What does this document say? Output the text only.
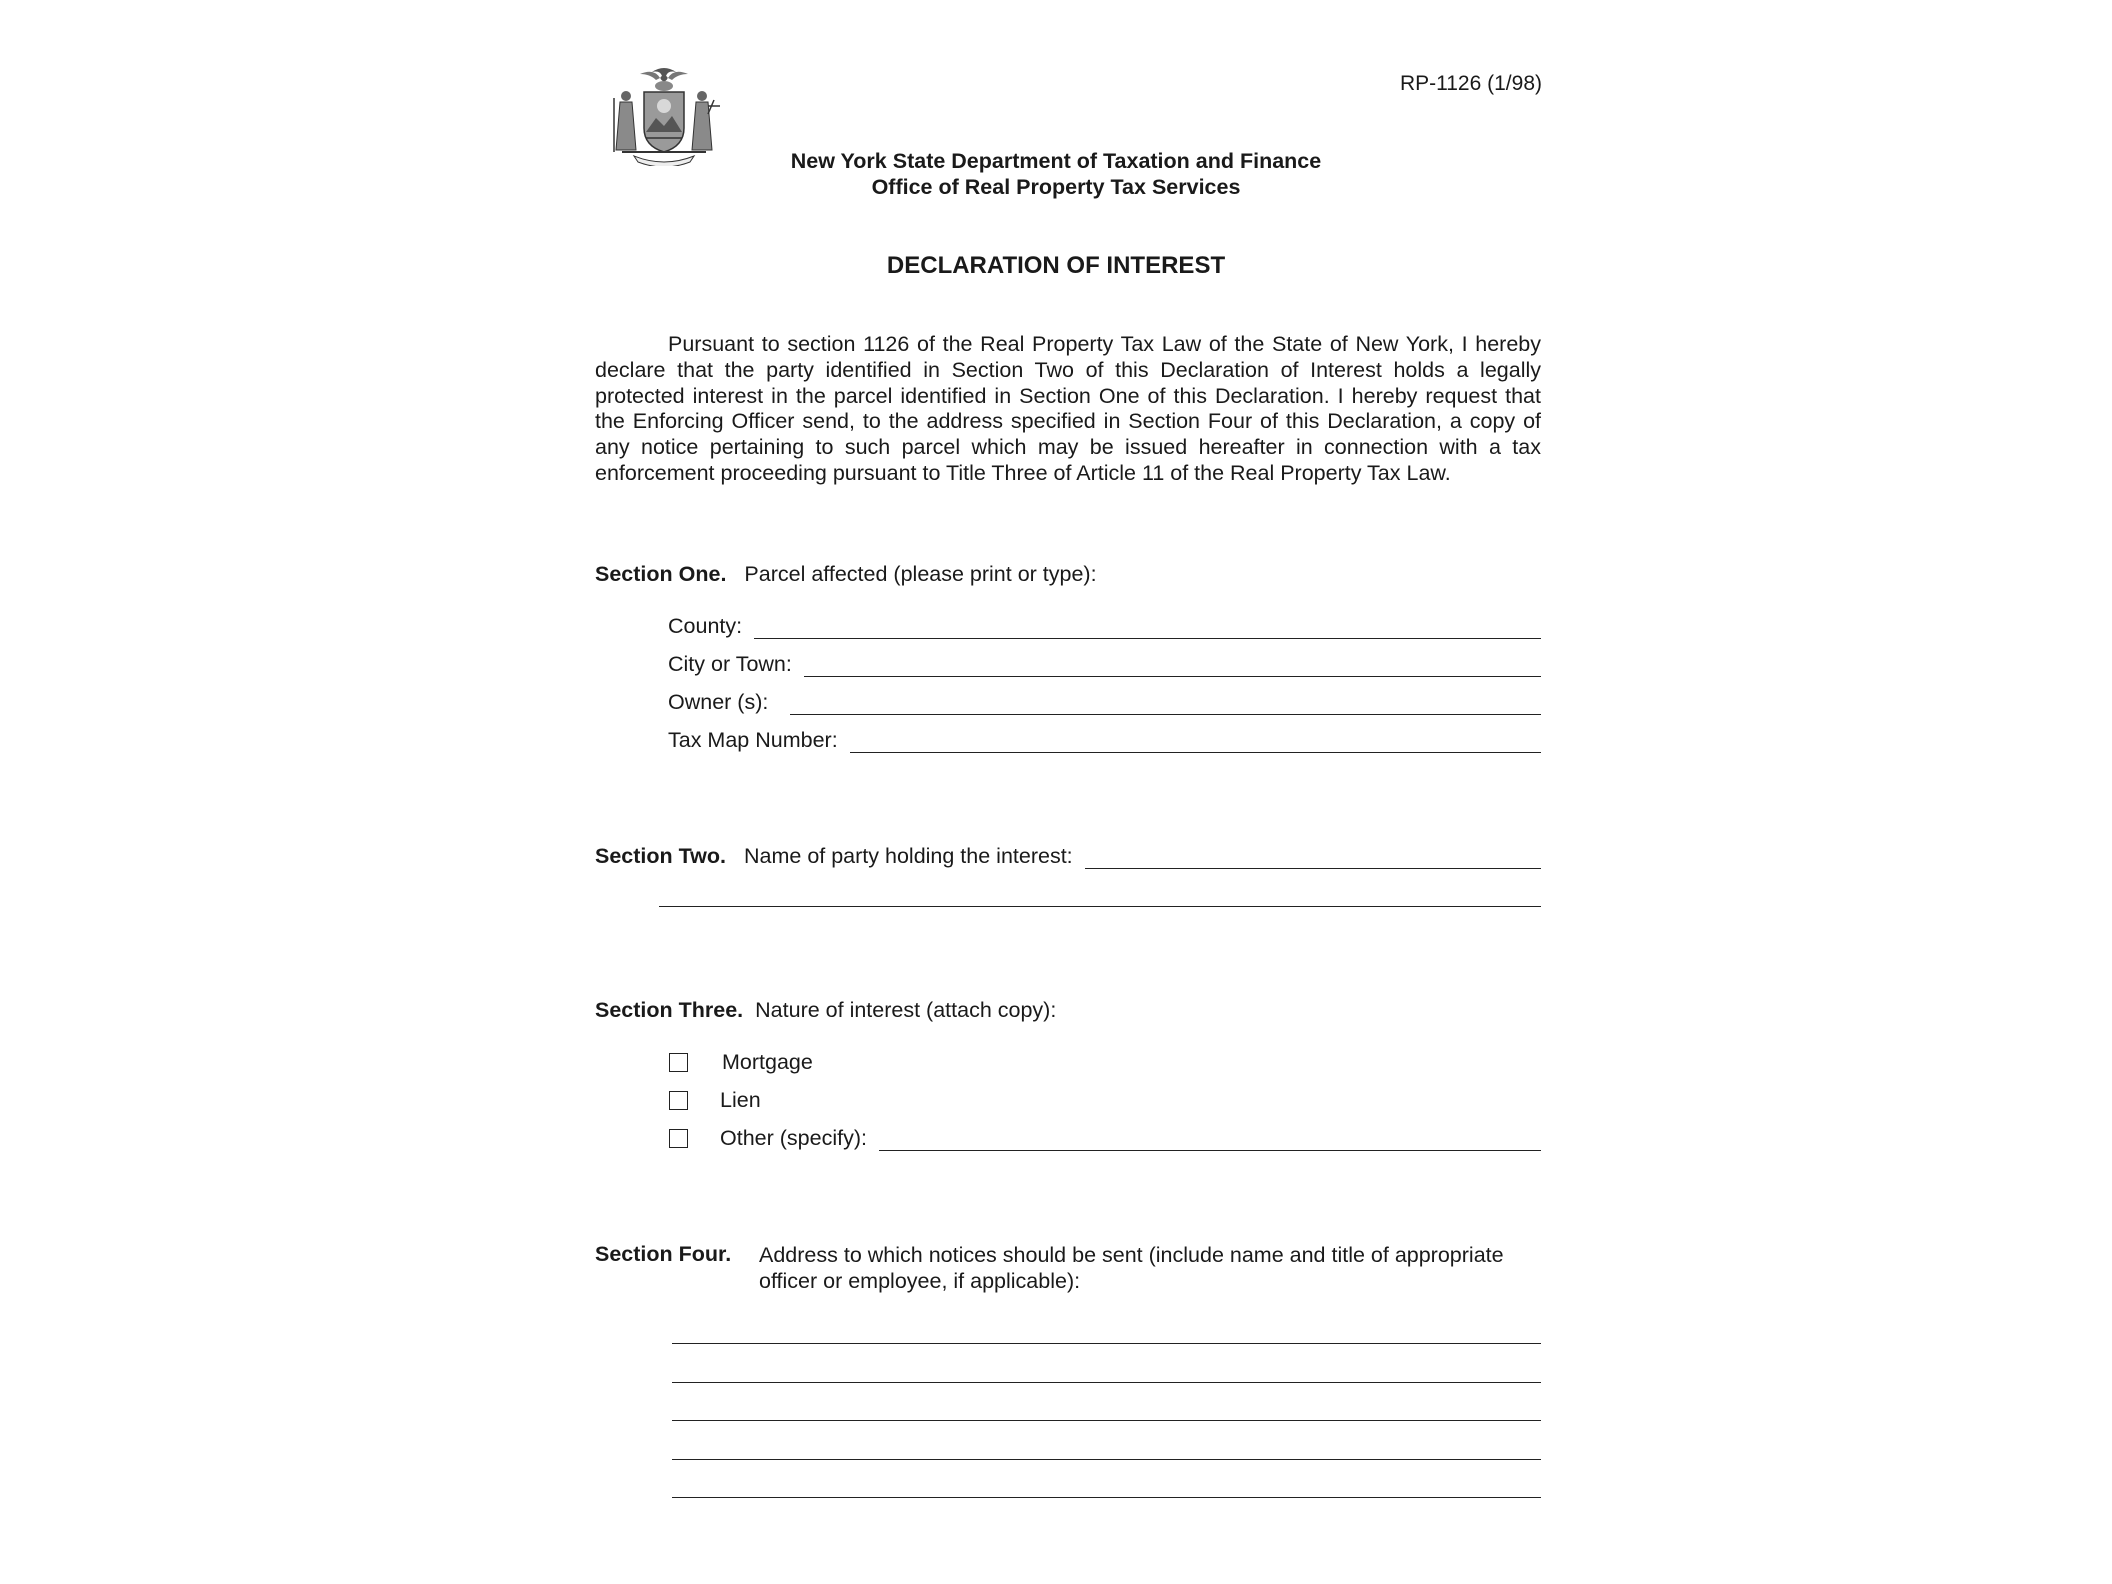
RP-1126 (1/98)
New York State Department of Taxation and Finance
Office of Real Property Tax Services
DECLARATION OF INTEREST

Pursuant to section 1126 of the Real Property Tax Law of the State of New York, I hereby declare that the party identified in Section Two of this Declaration of Interest holds a legally protected interest in the parcel identified in Section One of this Declaration. I hereby request that the Enforcing Officer send, to the address specified in Section Four of this Declaration, a copy of any notice pertaining to such parcel which may be issued hereafter in connection with a tax enforcement proceeding pursuant to Title Three of Article 11 of the Real Property Tax Law.

Section One. Parcel affected (please print or type):
County:
City or Town:
Owner (s):
Tax Map Number:
Section Two. Name of party holding the interest:
Section Three. Nature of interest (attach copy):
Mortgage
Lien
Other (specify):
Section Four. Address to which notices should be sent (include name and title of appropriate
officer or employee, if applicable):
